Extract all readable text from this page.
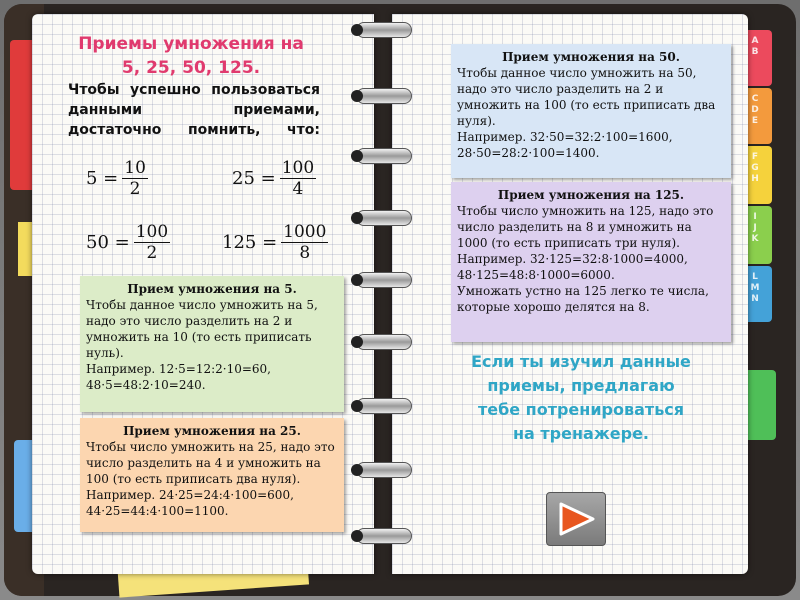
A B
C D E
F G H
I J K
L M N
Приемы умножения на
5, 25, 50, 125.
Чтобы успешно пользоваться данными приемами, достаточно помнить, что:
$5 = \frac{10}{2}$	$25 = \frac{100}{4}$
$50 = \frac{100}{2}$	$125 = \frac{1000}{8}$
Прием умножения на 50.
Чтобы данное число умножить на 50, надо это число разделить на 2 и умножить на 100 (то есть приписать два нуля).
Например. 32·50=32:2·100=1600,
28·50=28:2·100=1400.
Прием умножения на 125.
Чтобы число умножить на 125, надо это число разделить на 8 и умножить на 1000 (то есть приписать три нуля).
Например. 32·125=32:8·1000=4000,
48·125=48:8·1000=6000.
Умножать устно на 125 легко те числа, которые хорошо делятся на 8.
Прием умножения на 5.
Чтобы данное число умножить на 5, надо это число разделить на 2 и умножить на 10 (то есть приписать нуль).
Например. 12·5=12:2·10=60,
48·5=48:2·10=240.
Прием умножения на 25.
Чтобы число умножить на 25, надо это число разделить на 4 и умножить на 100 (то есть приписать два нуля).
Например. 24·25=24:4·100=600,
44·25=44:4·100=1100.
Если ты изучил данные приемы, предлагаю тебе потренироваться на тренажере.
